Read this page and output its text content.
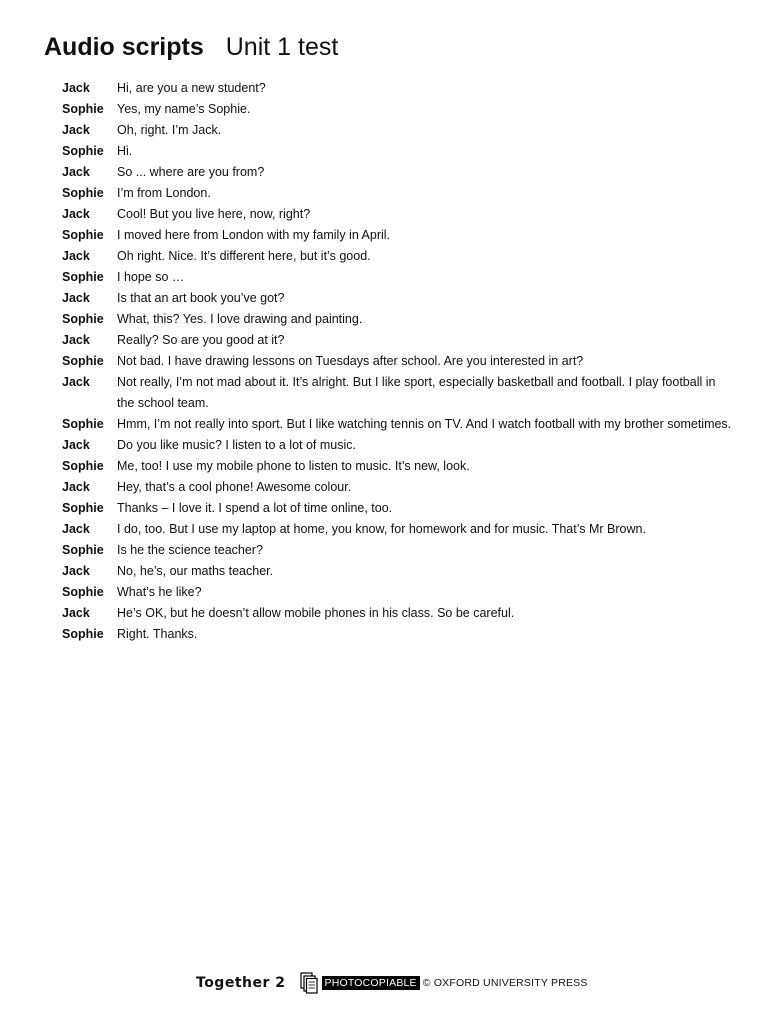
Audio scripts Unit 1 test
Jack	Hi, are you a new student?
Sophie	Yes, my name’s Sophie.
Jack	Oh, right. I’m Jack.
Sophie	Hi.
Jack	So ... where are you from?
Sophie	I’m from London.
Jack	Cool! But you live here, now, right?
Sophie	I moved here from London with my family in April.
Jack	Oh right. Nice. It’s different here, but it’s good.
Sophie	I hope so …
Jack	Is that an art book you’ve got?
Sophie	What, this? Yes. I love drawing and painting.
Jack	Really? So are you good at it?
Sophie	Not bad. I have drawing lessons on Tuesdays after school. Are you interested in art?
Jack	Not really, I’m not mad about it. It’s alright. But I like sport, especially basketball and football. I play football in the school team.
Sophie	Hmm, I’m not really into sport. But I like watching tennis on TV. And I watch football with my brother sometimes.
Jack	Do you like music? I listen to a lot of music.
Sophie	Me, too! I use my mobile phone to listen to music. It’s new, look.
Jack	Hey, that’s a cool phone! Awesome colour.
Sophie	Thanks – I love it. I spend a lot of time online, too.
Jack	I do, too. But I use my laptop at home, you know, for homework and for music. That’s Mr Brown.
Sophie	Is he the science teacher?
Jack	No, he’s, our maths teacher.
Sophie	What’s he like?
Jack	He’s OK, but he doesn’t allow mobile phones in his class. So be careful.
Sophie	Right. Thanks.
Together 2	PHOTOCOPIABLE © OXFORD UNIVERSITY PRESS
